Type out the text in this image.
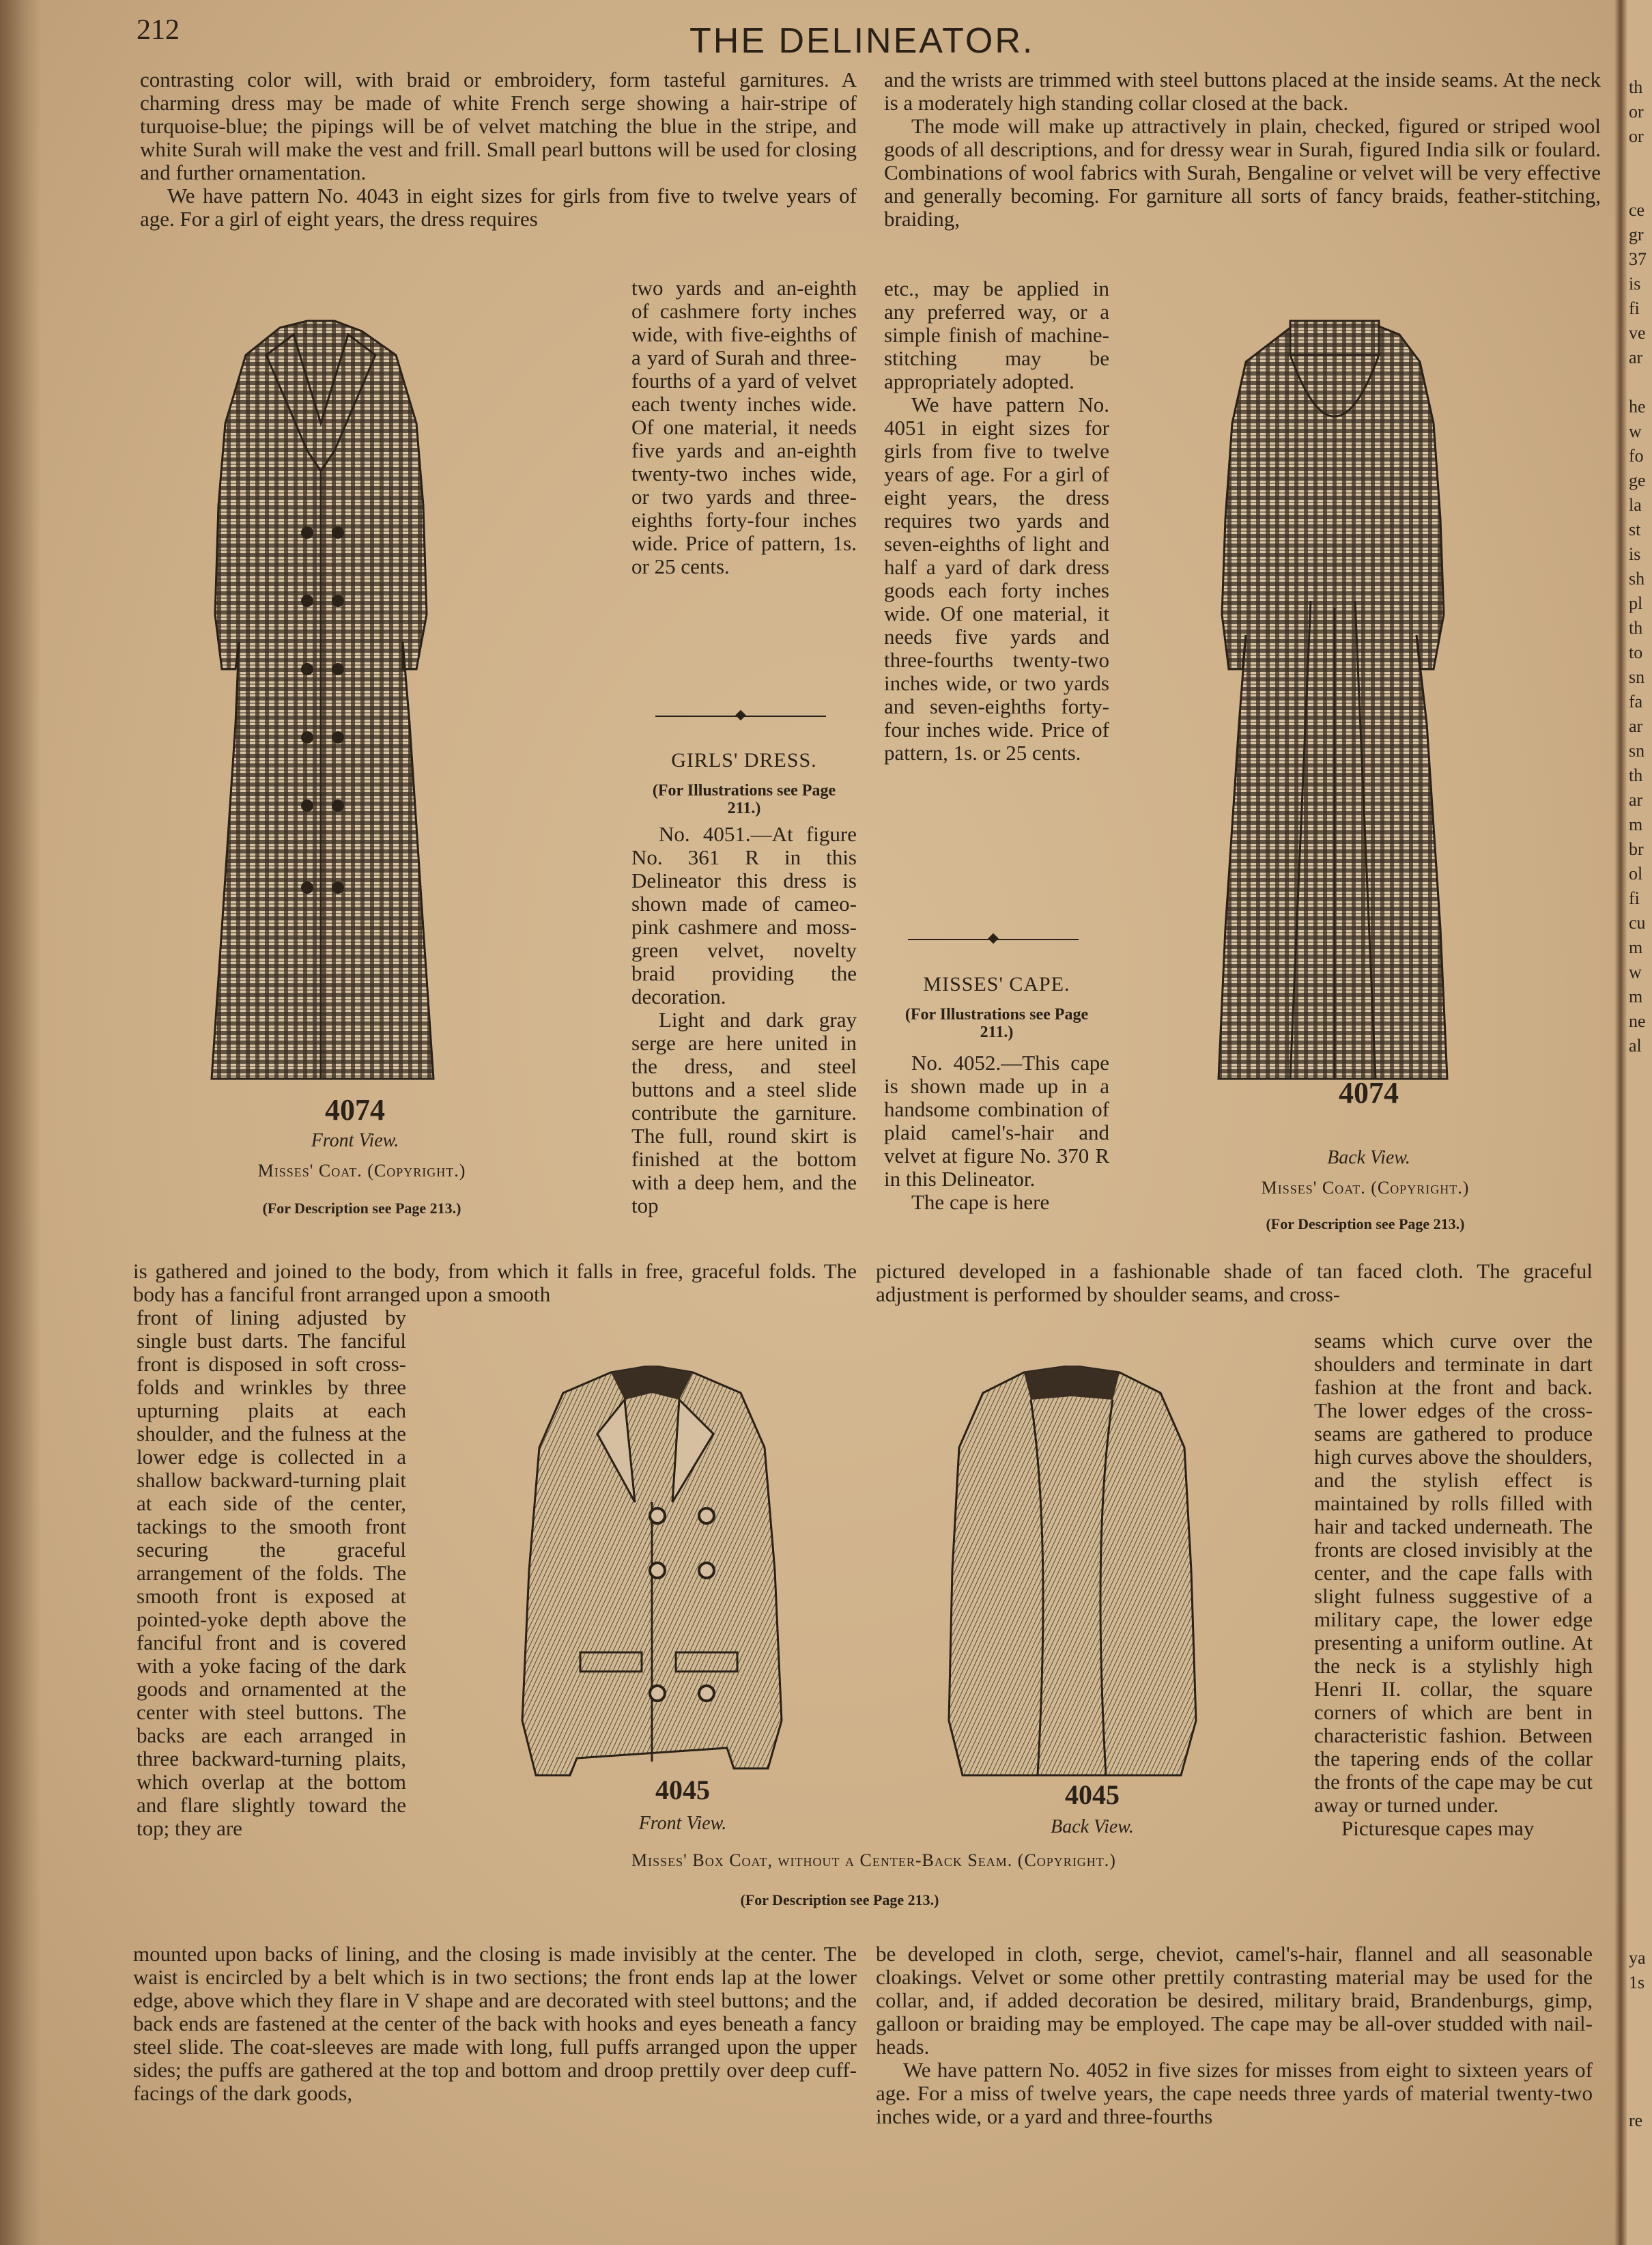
th
or
or

ce
gr
37
is
fi
ve
ar

he
w
fo
ge
la
st
is
sh
pl
th
to
sn
fa
ar
sn
th
ar
m
br
ol
fi
cu
m
w
m
ne
al
ya
1s
re
212	THE DELINEATOR.

contrasting color will, with braid or embroidery, form tasteful garnitures. A charming dress may be made of white French serge showing a hair-stripe of turquoise-blue; the pipings will be of velvet matching the blue in the stripe, and white Surah will make the vest and frill. Small pearl buttons will be used for closing and further ornamentation.

We have pattern No. 4043 in eight sizes for girls from five to twelve years of age. For a girl of eight years, the dress requires

4074
Front View.
Misses' Coat. (Copyright.)
(For Description see Page 213.)
two yards and an-eighth of cashmere forty inches wide, with five-eighths of a yard of Surah and three-fourths of a yard of velvet each twenty inches wide. Of one material, it needs five yards and an-eighth twenty-two inches wide, or two yards and three-eighths forty-four inches wide. Price of pattern, 1s. or 25 cents.
GIRLS' DRESS.
(For Illustrations see Page 211.)

No. 4051.—At figure No. 361 R in this Delineator this dress is shown made of cameo-pink cashmere and moss-green velvet, novelty braid providing the decoration.

Light and dark gray serge are here united in the dress, and steel buttons and a steel slide contribute the garniture. The full, round skirt is finished at the bottom with a deep hem, and the top

and the wrists are trimmed with steel buttons placed at the inside seams. At the neck is a moderately high standing collar closed at the back.

The mode will make up attractively in plain, checked, figured or striped wool goods of all descriptions, and for dressy wear in Surah, figured India silk or foulard. Combinations of wool fabrics with Surah, Bengaline or velvet will be very effective and generally becoming. For garniture all sorts of fancy braids, feather-stitching, braiding,

etc., may be applied in any preferred way, or a simple finish of machine-stitching may be appropriately adopted.

We have pattern No. 4051 in eight sizes for girls from five to twelve years of age. For a girl of eight years, the dress requires two yards and seven-eighths of light and half a yard of dark dress goods each forty inches wide. Of one material, it needs five yards and three-fourths twenty-two inches wide, or two yards and seven-eighths forty-four inches wide. Price of pattern, 1s. or 25 cents.

MISSES' CAPE.
(For Illustrations see Page 211.)

No. 4052.—This cape is shown made up in a handsome combination of plaid camel's-hair and velvet at figure No. 370 R in this Delineator.

The cape is here

4074
Back View.
Misses' Coat. (Copyright.)
(For Description see Page 213.)
is gathered and joined to the body, from which it falls in free, graceful folds. The body has a fanciful front arranged upon a smooth
front of lining adjusted by single bust darts. The fanciful front is disposed in soft cross-folds and wrinkles by three upturning plaits at each shoulder, and the fulness at the lower edge is collected in a shallow backward-turning plait at each side of the center, tackings to the smooth front securing the graceful arrangement of the folds. The smooth front is exposed at pointed-yoke depth above the fanciful front and is covered with a yoke facing of the dark goods and ornamented at the center with steel buttons. The backs are each arranged in three backward-turning plaits, which overlap at the bottom and flare slightly toward the top; they are
mounted upon backs of lining, and the closing is made invisibly at the center. The waist is encircled by a belt which is in two sections; the front ends lap at the lower edge, above which they flare in V shape and are decorated with steel buttons; and the back ends are fastened at the center of the back with hooks and eyes beneath a fancy steel slide. The coat-sleeves are made with long, full puffs arranged upon the upper sides; the puffs are gathered at the top and bottom and droop prettily over deep cuff-facings of the dark goods,
4045
Front View.
4045
Back View.
Misses' Box Coat, without a Center-Back Seam. (Copyright.)
(For Description see Page 213.)
pictured developed in a fashionable shade of tan faced cloth. The graceful adjustment is performed by shoulder seams, and cross-

seams which curve over the shoulders and terminate in dart fashion at the front and back. The lower edges of the cross-seams are gathered to produce high curves above the shoulders, and the stylish effect is maintained by rolls filled with hair and tacked underneath. The fronts are closed invisibly at the center, and the cape falls with slight fulness suggestive of a military cape, the lower edge presenting a uniform outline. At the neck is a stylishly high Henri II. collar, the square corners of which are bent in characteristic fashion. Between the tapering ends of the collar the fronts of the cape may be cut away or turned under.

Picturesque capes may

be developed in cloth, serge, cheviot, camel's-hair, flannel and all seasonable cloakings. Velvet or some other prettily contrasting material may be used for the collar, and, if added decoration be desired, military braid, Brandenburgs, gimp, galloon or braiding may be employed. The cape may be all-over studded with nail-heads.

We have pattern No. 4052 in five sizes for misses from eight to sixteen years of age. For a miss of twelve years, the cape needs three yards of material twenty-two inches wide, or a yard and three-fourths
